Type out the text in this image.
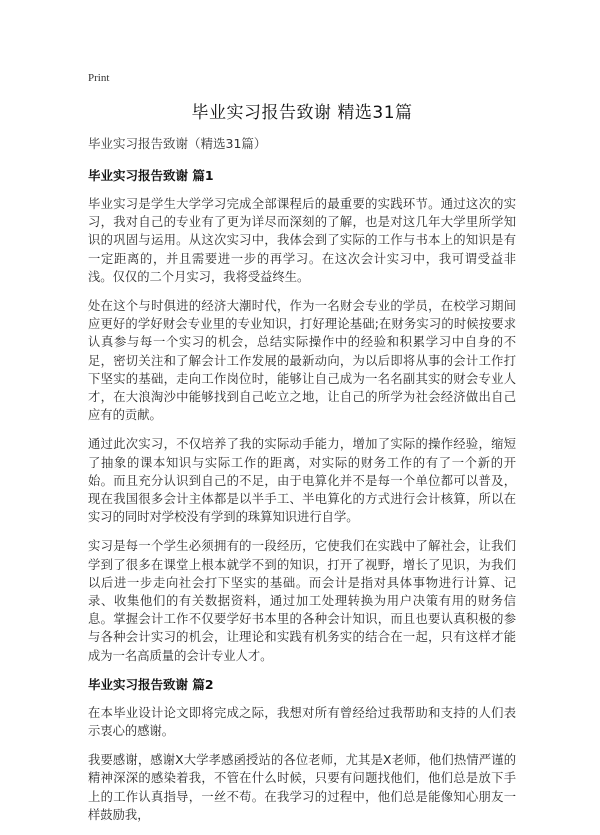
Print
毕业实习报告致谢 精选31篇
毕业实习报告致谢（精选31篇）
毕业实习报告致谢 篇1

毕业实习是学生大学学习完成全部课程后的最重要的实践环节。通过这次的实习，我对自己的专业有了更为详尽而深刻的了解，也是对这几年大学里所学知识的巩固与运用。从这次实习中，我体会到了实际的工作与书本上的知识是有一定距离的，并且需要进一步的再学习。在这次会计实习中，我可谓受益非浅。仅仅的二个月实习，我将受益终生。

处在这个与时俱进的经济大潮时代，作为一名财会专业的学员，在校学习期间应更好的学好财会专业里的专业知识，打好理论基础;在财务实习的时候按要求认真参与每一个实习的机会，总结实际操作中的经验和积累学习中自身的不足，密切关注和了解会计工作发展的最新动向，为以后即将从事的会计工作打下坚实的基础，走向工作岗位时，能够让自己成为一名名副其实的财会专业人才，在大浪淘沙中能够找到自己屹立之地，让自己的所学为社会经济做出自己应有的贡献。

通过此次实习，不仅培养了我的实际动手能力，增加了实际的操作经验，缩短了抽象的课本知识与实际工作的距离，对实际的财务工作的有了一个新的开始。而且充分认识到自己的不足，由于电算化并不是每一个单位都可以普及，现在我国很多会计主体都是以半手工、半电算化的方式进行会计核算，所以在实习的同时对学校没有学到的珠算知识进行自学。

实习是每一个学生必须拥有的一段经历，它使我们在实践中了解社会，让我们学到了很多在课堂上根本就学不到的知识，打开了视野，增长了见识，为我们以后进一步走向社会打下坚实的基础。而会计是指对具体事物进行计算、记录、收集他们的有关数据资料，通过加工处理转换为用户决策有用的财务信息。掌握会计工作不仅要学好书本里的各种会计知识，而且也要认真积极的参与各种会计实习的机会，让理论和实践有机务实的结合在一起，只有这样才能成为一名高质量的会计专业人才。

毕业实习报告致谢 篇2

在本毕业设计论文即将完成之际，我想对所有曾经给过我帮助和支持的人们表示衷心的感谢。

我要感谢，感谢X大学孝感函授站的各位老师，尤其是X老师，他们热情严谨的精神深深的感染着我，不管在什么时候，只要有问题找他们，他们总是放下手上的工作认真指导，一丝不苟。在我学习的过程中，他们总是能像知心朋友一样鼓励我，
